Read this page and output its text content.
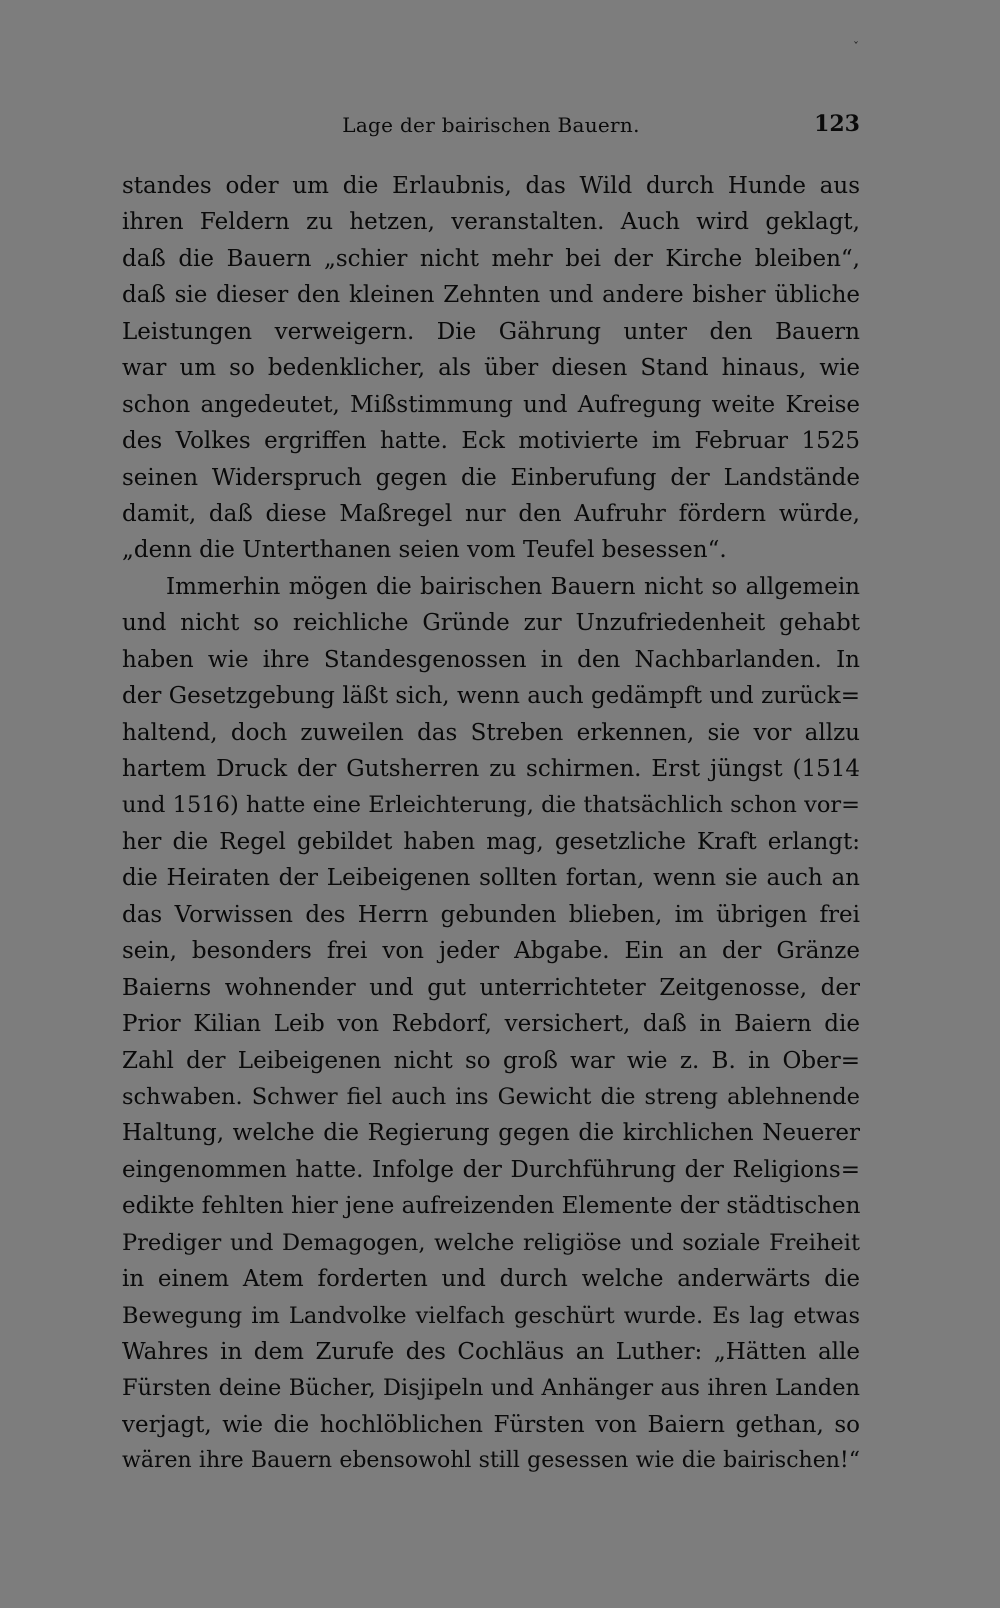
ˇ
Lage der bairischen Bauern.	123
standes oder um die Erlaubnis, das Wild durch Hunde aus
ihren Feldern zu hetzen, veranstalten. Auch wird geklagt,
daß die Bauern „schier nicht mehr bei der Kirche bleiben“,
daß sie dieser den kleinen Zehnten und andere bisher übliche
Leistungen verweigern. Die Gährung unter den Bauern
war um so bedenklicher, als über diesen Stand hinaus, wie
schon angedeutet, Mißstimmung und Aufregung weite Kreise
des Volkes ergriffen hatte. Eck motivierte im Februar 1525
seinen Widerspruch gegen die Einberufung der Landstände
damit, daß diese Maßregel nur den Aufruhr fördern würde,
„denn die Unterthanen seien vom Teufel besessen“.
Immerhin mögen die bairischen Bauern nicht so allgemein
und nicht so reichliche Gründe zur Unzufriedenheit gehabt
haben wie ihre Standesgenossen in den Nachbarlanden. In
der Gesetzgebung läßt sich, wenn auch gedämpft und zurück=
haltend, doch zuweilen das Streben erkennen, sie vor allzu
hartem Druck der Gutsherren zu schirmen. Erst jüngst (1514
und 1516) hatte eine Erleichterung, die thatsächlich schon vor=
her die Regel gebildet haben mag, gesetzliche Kraft erlangt:
die Heiraten der Leibeigenen sollten fortan, wenn sie auch an
das Vorwissen des Herrn gebunden blieben, im übrigen frei
sein, besonders frei von jeder Abgabe. Ein an der Gränze
Baierns wohnender und gut unterrichteter Zeitgenosse, der
Prior Kilian Leib von Rebdorf, versichert, daß in Baiern die
Zahl der Leibeigenen nicht so groß war wie z. B. in Ober=
schwaben. Schwer fiel auch ins Gewicht die streng ablehnende
Haltung, welche die Regierung gegen die kirchlichen Neuerer
eingenommen hatte. Infolge der Durchführung der Religions=
edikte fehlten hier jene aufreizenden Elemente der städtischen
Prediger und Demagogen, welche religiöse und soziale Freiheit
in einem Atem forderten und durch welche anderwärts die
Bewegung im Landvolke vielfach geschürt wurde. Es lag etwas
Wahres in dem Zurufe des Cochläus an Luther: „Hätten alle
Fürsten deine Bücher, Disjipeln und Anhänger aus ihren Landen
verjagt, wie die hochlöblichen Fürsten von Baiern gethan, so
wären ihre Bauern ebensowohl still gesessen wie die bairischen!“
